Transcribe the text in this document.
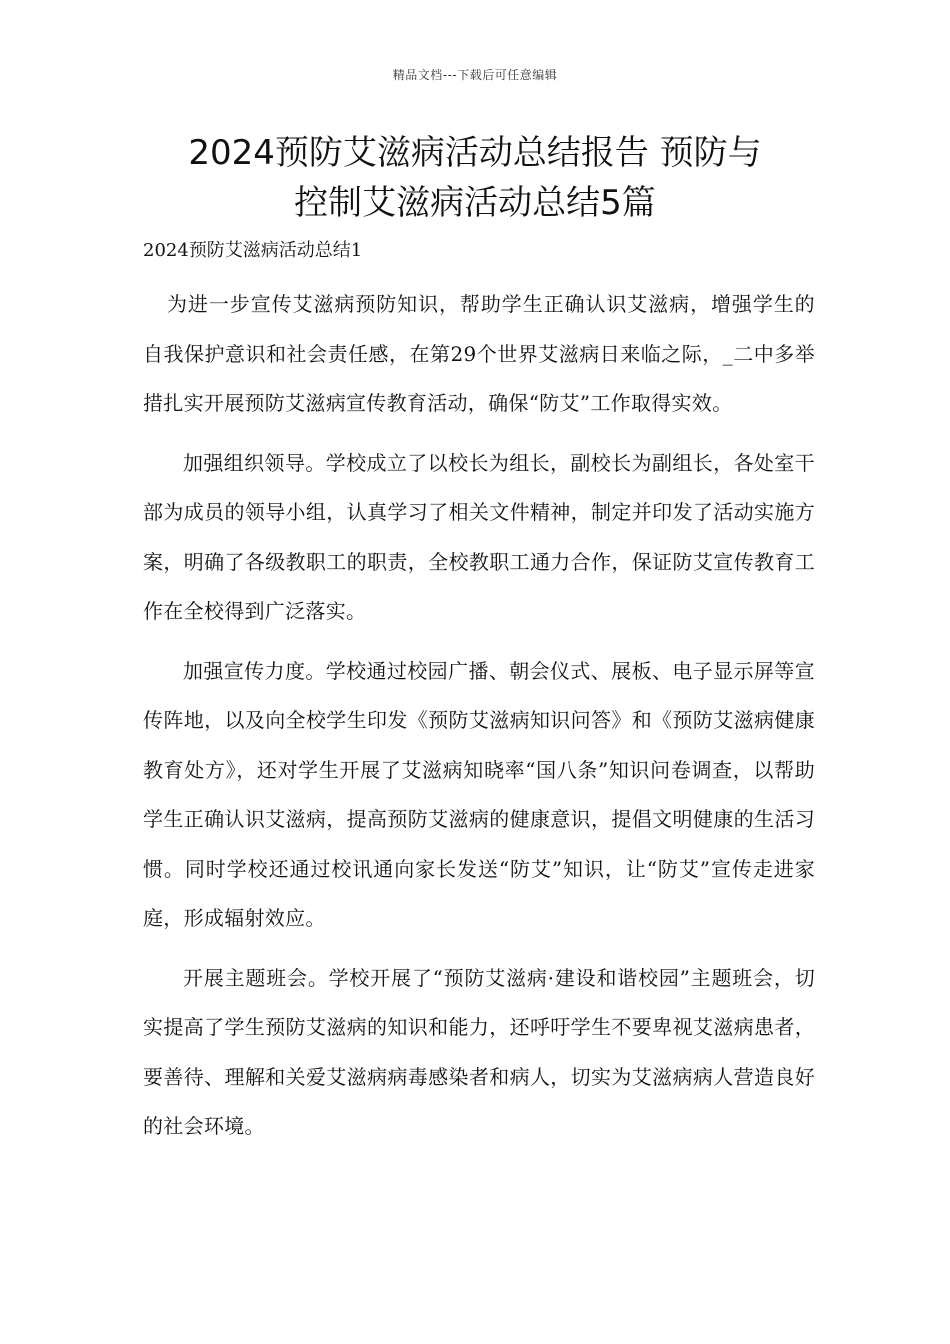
精品文档---下载后可任意编辑
2024预防艾滋病活动总结报告 预防与
控制艾滋病活动总结5篇
2024预防艾滋病活动总结1

为进一步宣传艾滋病预防知识，帮助学生正确认识艾滋病，增强学生的自我保护意识和社会责任感，在第29个世界艾滋病日来临之际，_二中多举措扎实开展预防艾滋病宣传教育活动，确保“防艾”工作取得实效。

加强组织领导。学校成立了以校长为组长，副校长为副组长，各处室干部为成员的领导小组，认真学习了相关文件精神，制定并印发了活动实施方案，明确了各级教职工的职责，全校教职工通力合作，保证防艾宣传教育工作在全校得到广泛落实。

加强宣传力度。学校通过校园广播、朝会仪式、展板、电子显示屏等宣传阵地，以及向全校学生印发《预防艾滋病知识问答》和《预防艾滋病健康教育处方》，还对学生开展了艾滋病知晓率“国八条”知识问卷调查，以帮助学生正确认识艾滋病，提高预防艾滋病的健康意识，提倡文明健康的生活习惯。同时学校还通过校讯通向家长发送“防艾”知识，让“防艾”宣传走进家庭，形成辐射效应。

开展主题班会。学校开展了“预防艾滋病·建设和谐校园”主题班会，切实提高了学生预防艾滋病的知识和能力，还呼吁学生不要卑视艾滋病患者，要善待、理解和关爱艾滋病病毒感染者和病人，切实为艾滋病病人营造良好的社会环境。
